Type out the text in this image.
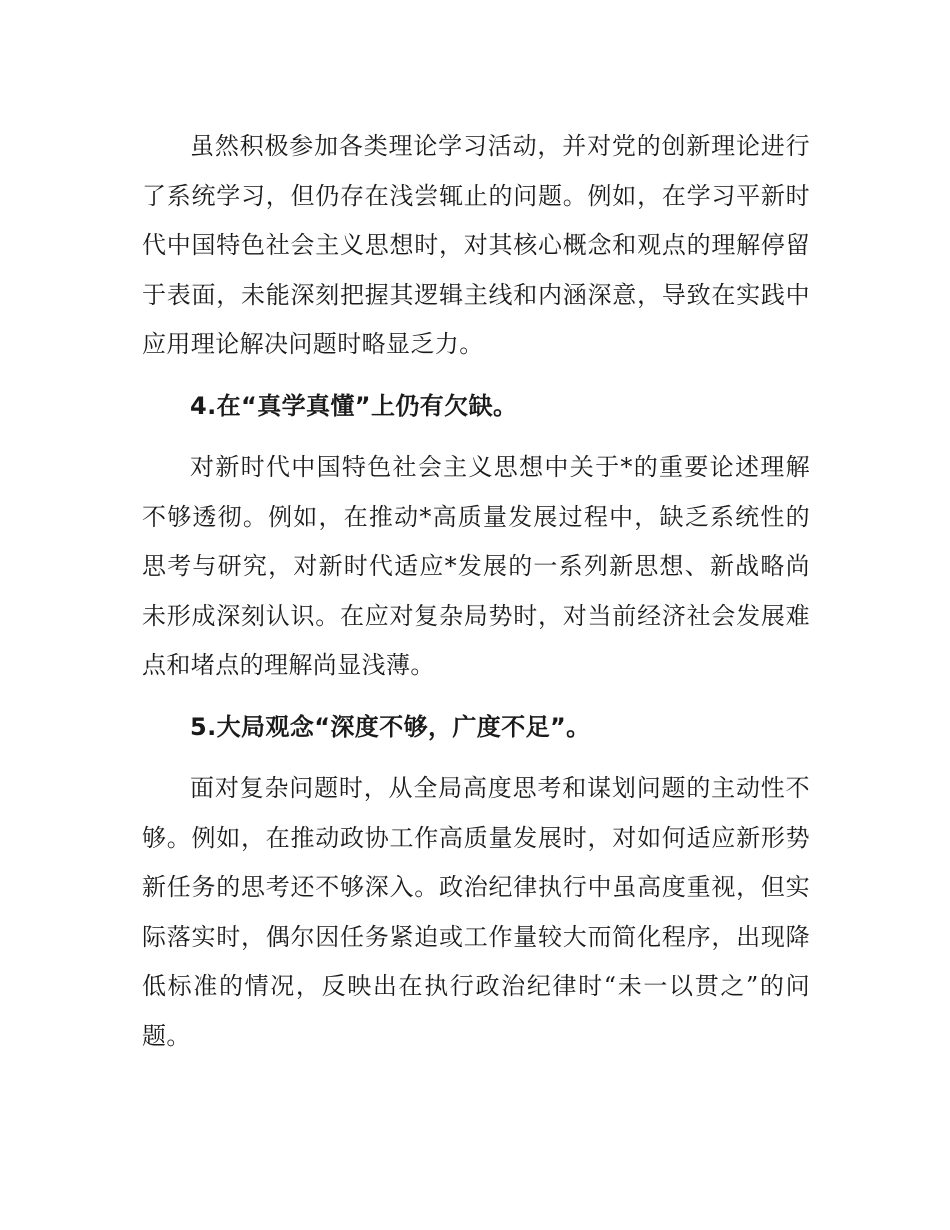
虽然积极参加各类理论学习活动，并对党的创新理论进行了系统学习，但仍存在浅尝辄止的问题。例如，在学习平新时代中国特色社会主义思想时，对其核心概念和观点的理解停留于表面，未能深刻把握其逻辑主线和内涵深意，导致在实践中应用理论解决问题时略显乏力。

4.在“真学真懂”上仍有欠缺。

对新时代中国特色社会主义思想中关于*的重要论述理解不够透彻。例如，在推动*高质量发展过程中，缺乏系统性的思考与研究，对新时代适应*发展的一系列新思想、新战略尚未形成深刻认识。在应对复杂局势时，对当前经济社会发展难点和堵点的理解尚显浅薄。

5.大局观念“深度不够，广度不足”。

面对复杂问题时，从全局高度思考和谋划问题的主动性不够。例如，在推动政协工作高质量发展时，对如何适应新形势新任务的思考还不够深入。政治纪律执行中虽高度重视，但实际落实时，偶尔因任务紧迫或工作量较大而简化程序，出现降低标准的情况，反映出在执行政治纪律时“未一以贯之”的问题。
